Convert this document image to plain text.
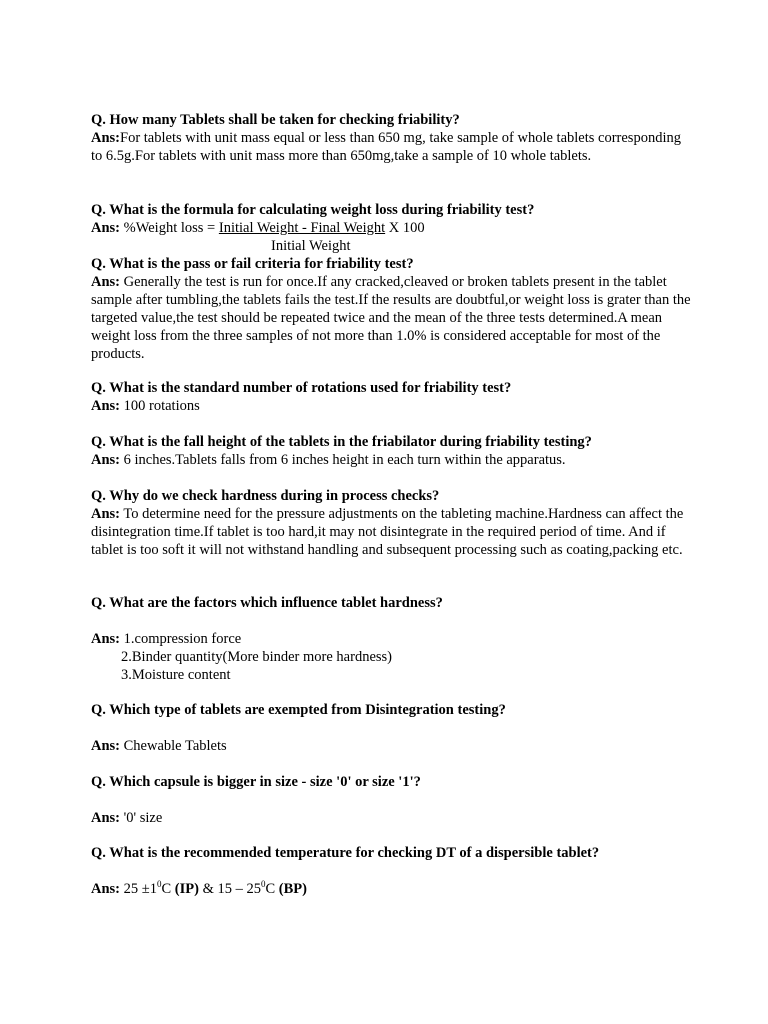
Q. How many Tablets shall be taken for checking friability?

Ans:For tablets with unit mass equal or less than 650 mg, take sample of whole tablets corresponding to 6.5g.For tablets with unit mass more than 650mg,take a sample of 10 whole tablets.

Q. What is the formula for calculating weight loss during friability test?

Ans: %Weight loss = Initial Weight - Final Weight X 100

Initial Weight

Q. What is the pass or fail criteria for friability test?

Ans: Generally the test is run for once.If any cracked,cleaved or broken tablets present in the tablet sample after tumbling,the tablets fails the test.If the results are doubtful,or weight loss is grater than the targeted value,the test should be repeated twice and the mean of the three tests determined.A mean weight loss from the three samples of not more than 1.0% is considered acceptable for most of the products.

Q. What is the standard number of rotations used for friability test?

Ans: 100 rotations

Q. What is the fall height of the tablets in the friabilator during friability testing?

Ans: 6 inches.Tablets falls from 6 inches height in each turn within the apparatus.

Q. Why do we check hardness during in process checks?

Ans: To determine need for the pressure adjustments on the tableting machine.Hardness can affect the disintegration time.If tablet is too hard,it may not disintegrate in the required period of time. And if tablet is too soft it will not withstand handling and subsequent processing such as coating,packing etc.

Q. What are the factors which influence tablet hardness?

Ans: 1.compression force

2.Binder quantity(More binder more hardness)

3.Moisture content

Q. Which type of tablets are exempted from Disintegration testing?

Ans: Chewable Tablets

Q. Which capsule is bigger in size - size '0' or size '1'?

Ans: '0' size

Q. What is the recommended temperature for checking DT of a dispersible tablet?

Ans: $25 \pm 1^0C$ (IP) & $15 - 25^0C$ (BP)
